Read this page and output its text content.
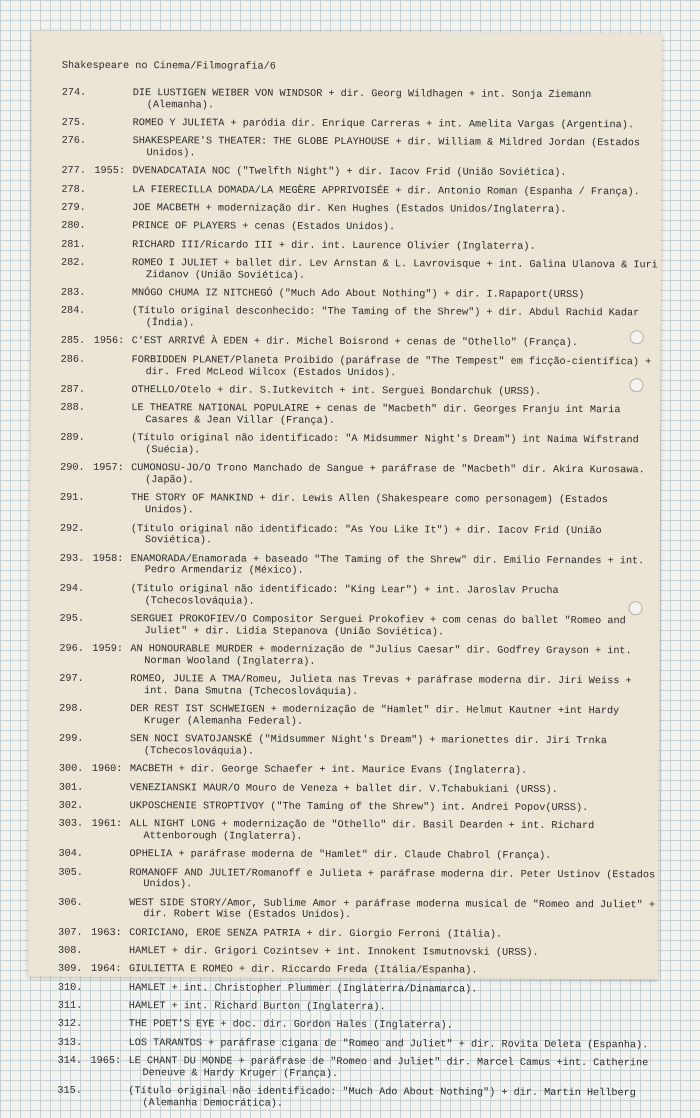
Shakespeare no Cinema/Filmografia/6
274.	DIE LUSTIGEN WEIBER VON WINDSOR + dir. Georg Wildhagen + int. Sonja Ziemann (Alemanha).
275.	ROMEO Y JULIETA + paródia dir. Enrique Carreras + int. Amelita Vargas (Argentina).
276.	SHAKESPEARE'S THEATER: THE GLOBE PLAYHOUSE + dir. William & Mildred Jordan (Estados Unidos).
277. 1955: DVENADCATAIA NOC ("Twelfth Night") + dir. Iacov Frid (União Soviética).
278.	LA FIERECILLA DOMADA/LA MEGÈRE APPRIVOISÉE + dir. Antonio Roman (Espanha / França).
279.	JOE MACBETH + modernização dir. Ken Hughes (Estados Unidos/Inglaterra).
280.	PRINCE OF PLAYERS + cenas (Estados Unidos).
281.	RICHARD III/Ricardo III + dir. int. Laurence Olivier (Inglaterra).
282.	ROMEO I JULIET + ballet dir. Lev Arnstan & L. Lavrovisque + int. Galina Ulanova & Iuri Zidanov (União Soviética).
283.	MNÓGO CHUMA IZ NITCHEGÓ ("Much Ado About Nothing") + dir. I.Rapaport(URSS)
284.	(Título original desconhecido: "The Taming of the Shrew") + dir. Abdul Rachid Kadar (Índia).
285. 1956: C'EST ARRIVÉ À EDEN + dir. Michel Boisrond + cenas de "Othello" (França).
286.	FORBIDDEN PLANET/Planeta Proibido (paráfrase de "The Tempest" em ficção-científica) + dir. Fred McLeod Wilcox (Estados Unidos).
287.	OTHELLO/Otelo + dir. S.Iutkevitch + int. Serguei Bondarchuk (URSS).
288.	LE THEATRE NATIONAL POPULAIRE + cenas de "Macbeth" dir. Georges Franju int Maria Casares & Jean Villar (França).
289.	(Título original não identificado: "A Midsummer Night's Dream") int Naima Wifstrand (Suécia).
290. 1957: CUMONOSU-JO/O Trono Manchado de Sangue + paráfrase de "Macbeth" dir. Akira Kurosawa.(Japão).
291.	THE STORY OF MANKIND + dir. Lewis Allen (Shakespeare como personagem) (Estados Unidos).
292.	(Título original não identificado: "As You Like It") + dir. Iacov Frid (União Soviética).
293. 1958: ENAMORADA/Enamorada + baseado "The Taming of the Shrew" dir. Emilio Fernandes + int. Pedro Armendariz (México).
294.	(Título original não identificado: "King Lear") + int. Jaroslav Prucha (Tchecoslováquia).
295.	SERGUEI PROKOFIEV/O Compositor Serguei Prokofiev + com cenas do ballet "Romeo and Juliet" + dir. Lidia Stepanova (União Soviética).
296. 1959: AN HONOURABLE MURDER + modernização de "Julius Caesar" dir. Godfrey Grayson + int. Norman Wooland (Inglaterra).
297.	ROMEO, JULIE A TMA/Romeu, Julieta nas Trevas + paráfrase moderna dir. Jiri Weiss + int. Dana Smutna (Tchecoslováquia).
298.	DER REST IST SCHWEIGEN + modernização de "Hamlet" dir. Helmut Kautner +int Hardy Kruger (Alemanha Federal).
299.	SEN NOCI SVATOJANSKÉ ("Midsummer Night's Dream") + marionettes dir. Jirí Trnka (Tchecoslováquia).
300. 1960: MACBETH + dir. George Schaefer + int. Maurice Evans (Inglaterra).
301.	VENEZIANSKI MAUR/O Mouro de Veneza + ballet dir. V.Tchabukiani (URSS).
302.	UKPOSCHENIE STROPTIVOY ("The Taming of the Shrew") int. Andrei Popov(URSS).
303. 1961: ALL NIGHT LONG + modernização de "Othello" dir. Basil Dearden + int. Richard Attenborough (Inglaterra).
304.	OPHELIA + paráfrase moderna de "Hamlet" dir. Claude Chabrol (França).
305.	ROMANOFF AND JULIET/Romanoff e Julieta + paráfrase moderna dir. Peter Ustinov (Estados Unidos).
306.	WEST SIDE STORY/Amor, Sublime Amor + paráfrase moderna musical de "Romeo and Juliet" + dir. Robert Wise (Estados Unidos).
307. 1963: CORICIANO, EROE SENZA PATRIA + dir. Giorgio Ferroni (Itália).
308.	HAMLET + dir. Grigori Cozintsev + int. Innokent Ismutnovski (URSS).
309. 1964: GIULIETTA E ROMEO + dir. Riccardo Freda (Itália/Espanha).
310.	HAMLET + int. Christopher Plummer (Inglaterra/Dinamarca).
311.	HAMLET + int. Richard Burton (Inglaterra).
312.	THE POET'S EYE + doc. dir. Gordon Hales (Inglaterra).
313.	LOS TARANTOS + paráfrase cigana de "Romeo and Juliet" + dir. Rovita Deleta (Espanha).
314. 1965: LE CHANT DU MONDE + paráfrase de "Romeo and Juliet" dir. Marcel Camus +int. Catherine Deneuve & Hardy Kruger (França).
315.	(Título original não identificado: "Much Ado About Nothing") + dir. Martin Hellberg (Alemanha Democrática).
